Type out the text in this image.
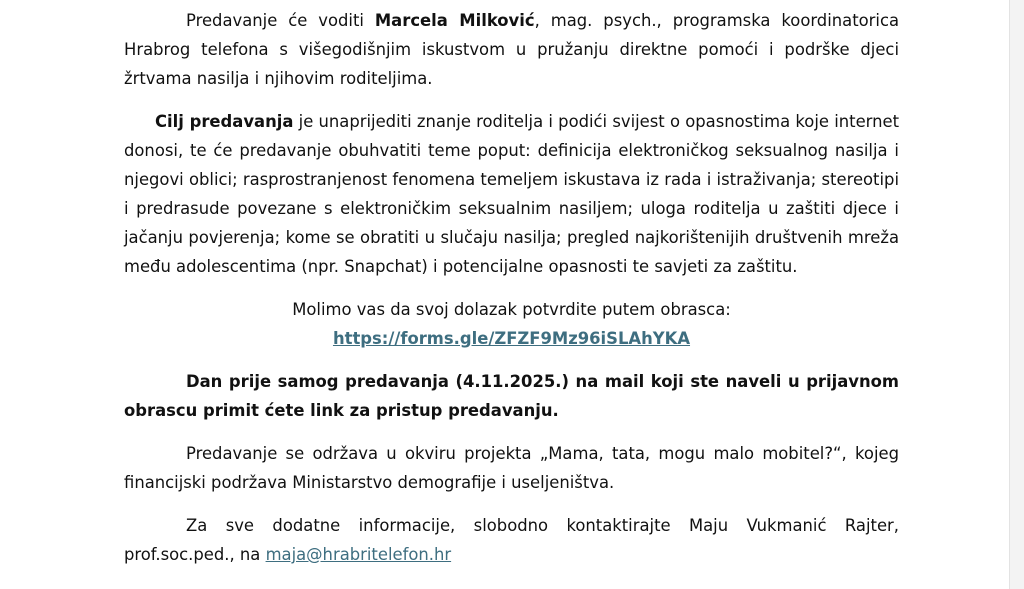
Predavanje će voditi Marcela Milković, mag. psych., programska koordinatorica Hrabrog telefona s višegodišnjim iskustvom u pružanju direktne pomoći i podrške djeci žrtvama nasilja i njihovim roditeljima.

Cilj predavanja je unaprijediti znanje roditelja i podići svijest o opasnostima koje internet donosi, te će predavanje obuhvatiti teme poput: definicija elektroničkog seksualnog nasilja i njegovi oblici; rasprostranjenost fenomena temeljem iskustava iz rada i istraživanja; stereotipi i predrasude povezane s elektroničkim seksualnim nasiljem; uloga roditelja u zaštiti djece i jačanju povjerenja; kome se obratiti u slučaju nasilja; pregled najkorištenijih društvenih mreža među adolescentima (npr. Snapchat) i potencijalne opasnosti te savjeti za zaštitu.

Molimo vas da svoj dolazak potvrdite putem obrasca:

https://forms.gle/ZFZF9Mz96iSLAhYKA

Dan prije samog predavanja (4.11.2025.) na mail koji ste naveli u prijavnom obrascu primit ćete link za pristup predavanju.

Predavanje se održava u okviru projekta „Mama, tata, mogu malo mobitel?“, kojeg financijski podržava Ministarstvo demografije i useljeništva.

Za sve dodatne informacije, slobodno kontaktirajte Maju Vukmanić Rajter, prof.soc.ped., na maja@hrabritelefon.hr
